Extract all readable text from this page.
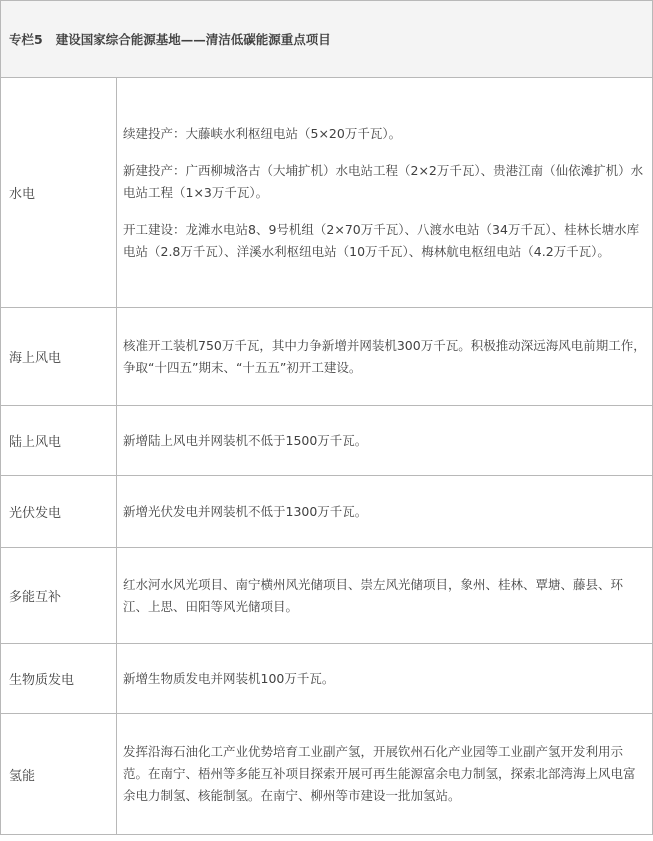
专栏5   建设国家综合能源基地——清洁低碳能源重点项目	
水电	续建投产：大藤峡水利枢纽电站（5×20万千瓦）。

新建投产：广西柳城洛古（大埔扩机）水电站工程（2×2万千瓦）、贵港江南（仙依滩扩机）水电站工程（1×3万千瓦）。

开工建设：龙滩水电站8、9号机组（2×70万千瓦）、八渡水电站（34万千瓦）、桂林长塘水库电站（2.8万千瓦）、洋溪水利枢纽电站（10万千瓦）、梅林航电枢纽电站（4.2万千瓦）。

海上风电	核准开工装机750万千瓦，其中力争新增并网装机300万千瓦。积极推动深远海风电前期工作，争取“十四五”期末、“十五五”初开工建设。

陆上风电	新增陆上风电并网装机不低于1500万千瓦。

光伏发电	新增光伏发电并网装机不低于1300万千瓦。

多能互补	红水河水风光项目、南宁横州风光储项目、崇左风光储项目，象州、桂林、覃塘、藤县、环江、上思、田阳等风光储项目。

生物质发电	新增生物质发电并网装机100万千瓦。

氢能	发挥沿海石油化工产业优势培育工业副产氢，开展钦州石化产业园等工业副产氢开发利用示范。在南宁、梧州等多能互补项目探索开展可再生能源富余电力制氢，探索北部湾海上风电富余电力制氢、核能制氢。在南宁、柳州等市建设一批加氢站。
